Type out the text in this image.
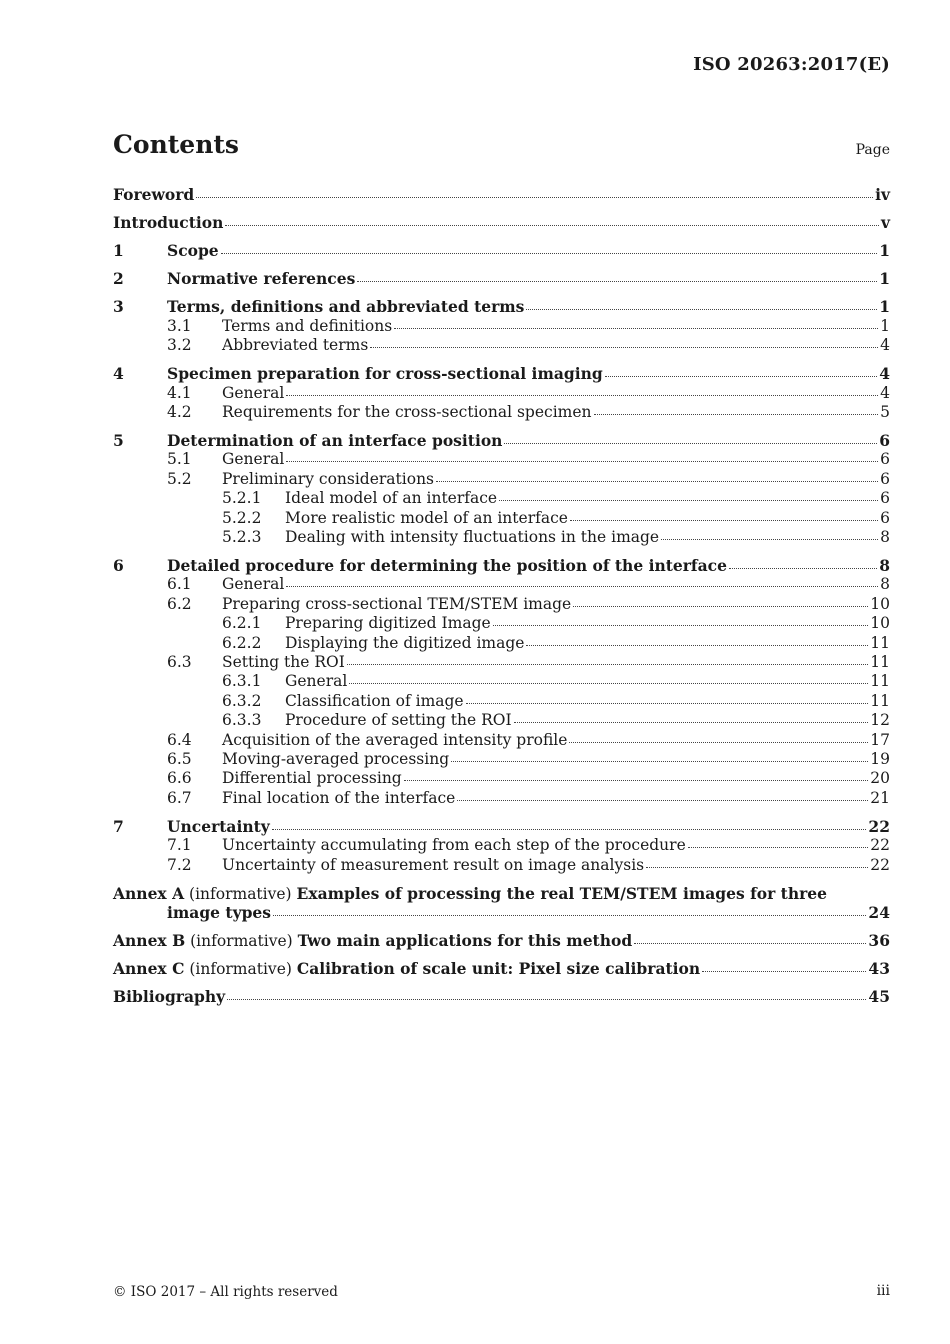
ISO 20263:2017(E)
Contents	Page
Foreword	iv
Introduction	v
1	Scope	1
2	Normative references	1
3	Terms, definitions and abbreviated terms	1
3.1	Terms and definitions	1
3.2	Abbreviated terms	4
4	Specimen preparation for cross-sectional imaging	4
4.1	General	4
4.2	Requirements for the cross-sectional specimen	5
5	Determination of an interface position	6
5.1	General	6
5.2	Preliminary considerations	6
5.2.1	Ideal model of an interface	6
5.2.2	More realistic model of an interface	6
5.2.3	Dealing with intensity fluctuations in the image	8
6	Detailed procedure for determining the position of the interface	8
6.1	General	8
6.2	Preparing cross-sectional TEM/STEM image	10
6.2.1	Preparing digitized Image	10
6.2.2	Displaying the digitized image	11
6.3	Setting the ROI	11
6.3.1	General	11
6.3.2	Classification of image	11
6.3.3	Procedure of setting the ROI	12
6.4	Acquisition of the averaged intensity profile	17
6.5	Moving-averaged processing	19
6.6	Differential processing	20
6.7	Final location of the interface	21
7	Uncertainty	22
7.1	Uncertainty accumulating from each step of the procedure	22
7.2	Uncertainty of measurement result on image analysis	22
Annex A (informative) Examples of processing the real TEM/STEM images for three
image types	24
Annex B (informative) Two main applications for this method	36
Annex C (informative) Calibration of scale unit: Pixel size calibration	43
Bibliography	45
© ISO 2017 – All rights reserved	iii
